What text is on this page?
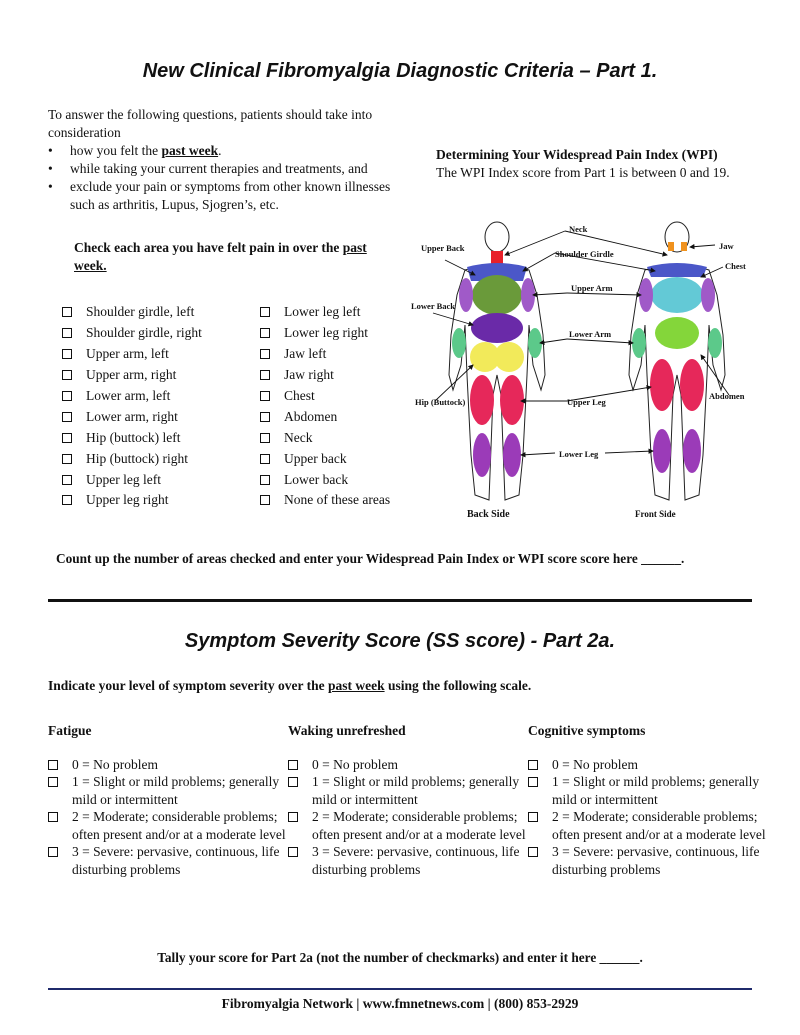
New Clinical Fibromyalgia Diagnostic Criteria – Part 1.
To answer the following questions, patients should take into consideration
• how you felt the past week.
• while taking your current therapies and treatments, and
• exclude your pain or symptoms from other known illnesses such as arthritis, Lupus, Sjogren’s, etc.
Determining Your Widespread Pain Index (WPI)
The WPI Index score from Part 1 is between 0 and 19.
Check each area you have felt pain in over the past week.
Shoulder girdle, left
Shoulder girdle, right
Upper arm, left
Upper arm, right
Lower arm, left
Lower arm, right
Hip (buttock) left
Hip (buttock) right
Upper leg left
Upper leg right
Lower leg left
Lower leg right
Jaw left
Jaw right
Chest
Abdomen
Neck
Upper back
Lower back
None of these areas
Neck
Upper Back
Shoulder Girdle
Jaw
Chest
Upper Arm
Lower Back
Lower Arm
Hip (Buttock)	Upper Leg
Abdomen
Lower Leg
Back Side	Front Side
Count up the number of areas checked and enter your Widespread Pain Index or WPI score score here ______.
Symptom Severity Score (SS score) - Part 2a.
Indicate your level of symptom severity over the past week using the following scale.
Fatigue
0 = No problem
1 = Slight or mild problems; generally mild or intermittent
2 = Moderate; considerable problems; often present and/or at a moderate level
3 = Severe: pervasive, continuous, life disturbing problems
Waking unrefreshed
0 = No problem
1 = Slight or mild problems; generally mild or intermittent
2 = Moderate; considerable problems; often present and/or at a moderate level
3 = Severe: pervasive, continuous, life disturbing problems
Cognitive symptoms
0 = No problem
1 = Slight or mild problems; generally mild or intermittent
2 = Moderate; considerable problems; often present and/or at a moderate level
3 = Severe: pervasive, continuous, life disturbing problems
Tally your score for Part 2a (not the number of checkmarks) and enter it here ______.
Fibromyalgia Network | www.fmnetnews.com | (800) 853-2929
